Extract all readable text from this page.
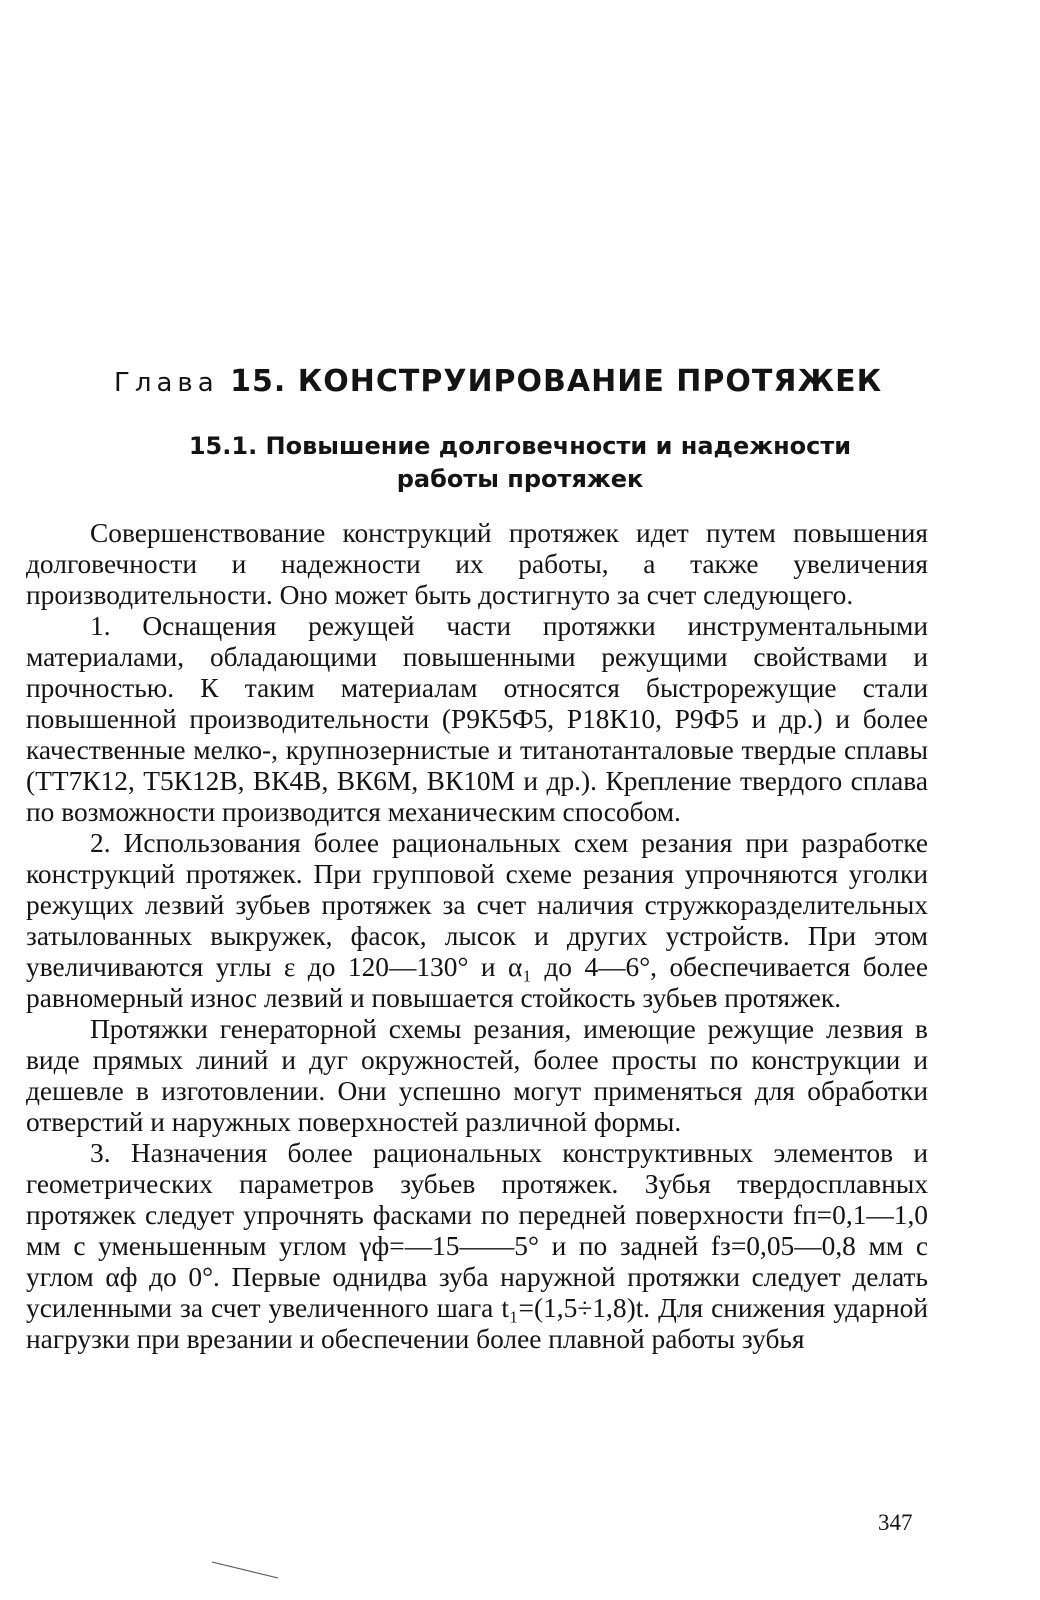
Глава 15. КОНСТРУИРОВАНИЕ ПРОТЯЖЕК
15.1. Повышение долговечности и надежности
работы протяжек

Совершенствование конструкций протяжек идет путем повышения долговечности и надежности их работы, а также увеличения производительности. Оно может быть достигнуто за счет следующего.

1. Оснащения режущей части протяжки инструментальными материалами, обладающими повышенными режущими свойствами и прочностью. К таким материалам относятся быстрорежущие стали повышенной производительности (Р9К5Ф5, Р18К10, Р9Ф5 и др.) и более качественные мелко-, крупнозернистые и титанотанталовые твердые сплавы (ТТ7К12, Т5К12В, ВК4В, ВК6М, ВК10М и др.). Крепление твердого сплава по возможности производится механическим способом.

2. Использования более рациональных схем резания при разработке конструкций протяжек. При групповой схеме резания упрочняются уголки режущих лезвий зубьев протяжек за счет наличия стружкоразделительных затылованных выкружек, фасок, лысок и других устройств. При этом увеличиваются углы ε до 120—130° и α₁ до 4—6°, обеспечивается более равномерный износ лезвий и повышается стойкость зубьев протяжек.

Протяжки генераторной схемы резания, имеющие режущие лезвия в виде прямых линий и дуг окружностей, более просты по конструкции и дешевле в изготовлении. Они успешно могут применяться для обработки отверстий и наружных поверхностей различной формы.

3. Назначения более рациональных конструктивных элементов и геометрических параметров зубьев протяжек. Зубья твердосплавных протяжек следует упрочнять фасками по передней поверхности fп=0,1—1,0 мм с уменьшенным углом γф=—15——5° и по задней fз=0,05—0,8 мм с углом αф до 0°. Первые однидва зуба наружной протяжки следует делать усиленными за счет увеличенного шага t₁=(1,5÷1,8)t. Для снижения ударной нагрузки при врезании и обеспечении более плавной работы зубья

347
